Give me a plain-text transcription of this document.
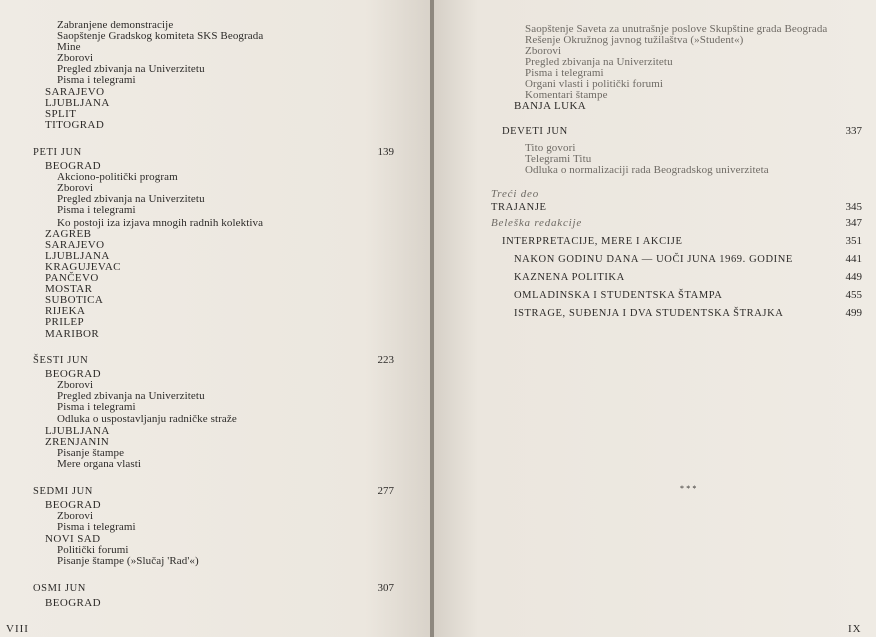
Zabranjene demonstracije
Saopštenje Gradskog komiteta SKS Beograda
Mine
Zborovi
Pregled zbivanja na Univerzitetu
Pisma i telegrami
SARAJEVO
LJUBLJANA
SPLIT
TITOGRAD
PETI JUN	139
BEOGRAD
Akciono-politički program
Zborovi
Pregled zbivanja na Univerzitetu
Pisma i telegrami
Ko postoji iza izjava mnogih radnih kolektiva
ZAGREB
SARAJEVO
LJUBLJANA
KRAGUJEVAC
PANČEVO
MOSTAR
SUBOTICA
RIJEKA
PRILEP
MARIBOR
ŠESTI JUN	223
BEOGRAD
Zborovi
Pregled zbivanja na Univerzitetu
Pisma i telegrami
Odluka o uspostavljanju radničke straže
LJUBLJANA
ZRENJANIN
Pisanje štampe
Mere organa vlasti
SEDMI JUN	277
BEOGRAD
Zborovi
Pisma i telegrami
NOVI SAD
Politički forumi
Pisanje štampe (»Slučaj 'Rad'«)
OSMI JUN	307
BEOGRAD
VIII
Saopštenje Saveta za unutrašnje poslove Skupštine grada Beograda
Rešenje Okružnog javnog tužilaštva (»Student«)
Zborovi
Pregled zbivanja na Univerzitetu
Pisma i telegrami
Organi vlasti i politički forumi
Komentari štampe
BANJA LUKA
DEVETI JUN	337
Tito govori
Telegrami Titu
Odluka o normalizaciji rada Beogradskog univerziteta
Treći deo
TRAJANJE	345
Beleška redakcije	347
INTERPRETACIJE, MERE I AKCIJE	351
NAKON GODINU DANA — UOČI JUNA 1969. GODINE	441
KAZNENA POLITIKA	449
OMLADINSKA I STUDENTSKA ŠTAMPA	455
ISTRAGE, SUĐENJA I DVA STUDENTSKA ŠTRAJKA	499
* * *
IX
